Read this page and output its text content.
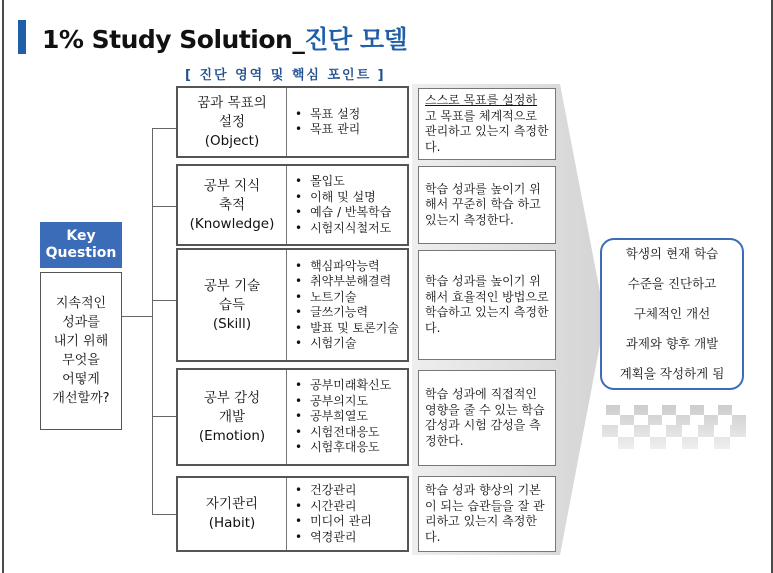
1% Study Solution_진단 모델
[ 진단 영역 및 핵심 포인트 ]
Key
Question
지속적인
성과를
내기 위해
무엇을
어떻게
개선할까?
꿈과 목표의
설정
(Object)
• 목표 설정
• 목표 관리
공부 지식
축적
(Knowledge)
• 몰입도
• 이해 및 설명
• 예습 / 반복학습
• 시험지식철저도
공부 기술
습득
(Skill)
• 핵심파악능력
• 취약부분해결력
• 노트기술
• 글쓰기능력
• 발표 및 토론기술
• 시험기술
공부 감성
개발
(Emotion)
• 공부미래확신도
• 공부의지도
• 공부희열도
• 시험전대응도
• 시험후대응도
자기관리
(Habit)
• 건강관리
• 시간관리
• 미디어 관리
• 역경관리
스스로 목표를 설정하 고 목표를 체계적으로 관리하고 있는지 측정한다.
학습 성과를 높이기 위해서 꾸준히 학습 하고 있는지 측정한다.
학습 성과를 높이기 위해서 효율적인 방법으로 학습하고 있는지 측정한다.
학습 성과에 직접적인 영향을 줄 수 있는 학습 감성과 시험 감성을 측정한다.
학습 성과 향상의 기본이 되는 습관들을 잘 관리하고 있는지 측정한다.
학생의 현재 학습
수준을 진단하고
구체적인 개선
과제와 향후 개발
계획을 작성하게 됨
